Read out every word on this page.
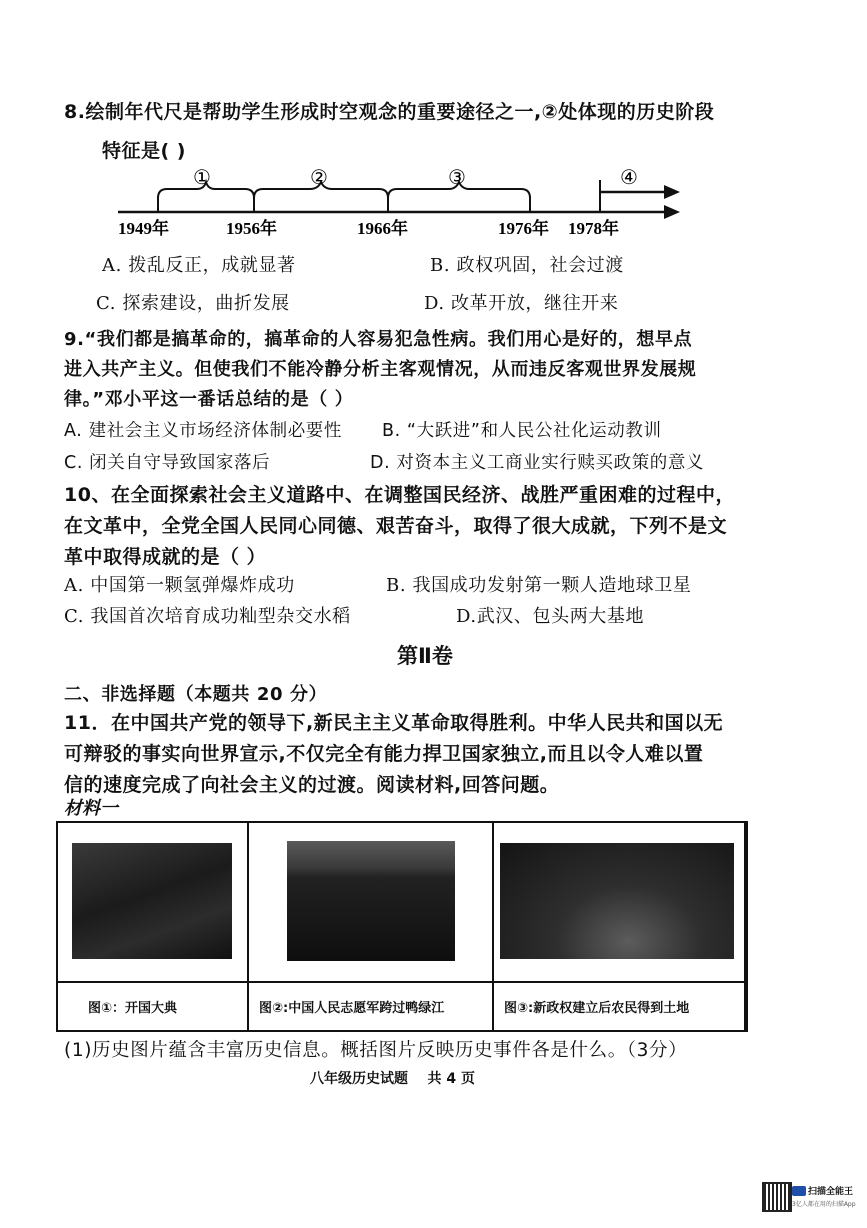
8.绘制年代尺是帮助学生形成时空观念的重要途径之一,②处体现的历史阶段
特征是( )
①	②	③	④
1949年	1956年	1966年	1976年 1978年
A. 拨乱反正，成就显著	B. 政权巩固，社会过渡
C. 探索建设，曲折发展	D. 改革开放，继往开来
9.“我们都是搞革命的，搞革命的人容易犯急性病。我们用心是好的，想早点
进入共产主义。但使我们不能冷静分析主客观情况，从而违反客观世界发展规
律。”邓小平这一番话总结的是（ ）
A. 建社会主义市场经济体制必要性 B. “大跃进”和人民公社化运动教训
C. 闭关自守导致国家落后	D. 对资本主义工商业实行赎买政策的意义
10、在全面探索社会主义道路中、在调整国民经济、战胜严重困难的过程中，
在文革中，全党全国人民同心同德、艰苦奋斗，取得了很大成就，下列不是文
革中取得成就的是（ ）
A. 中国第一颗氢弹爆炸成功	B. 我国成功发射第一颗人造地球卫星
C. 我国首次培育成功籼型杂交水稻	D.武汉、包头两大基地
第Ⅱ卷
二、非选择题（本题共 20 分）
11．在中国共产党的领导下,新民主主义革命取得胜利。中华人民共和国以无
可辩驳的事实向世界宣示,不仅完全有能力捍卫国家独立,而且以令人难以置
信的速度完成了向社会主义的过渡。阅读材料,回答问题。
材料一
图①：开国大典	图②:中国人民志愿军跨过鸭绿江	图③:新政权建立后农民得到土地
(1)历史图片蕴含丰富历史信息。概括图片反映历史事件各是什么。（3分）
八年级历史试题    共 4 页
扫描全能王
3亿人都在用的扫描App
